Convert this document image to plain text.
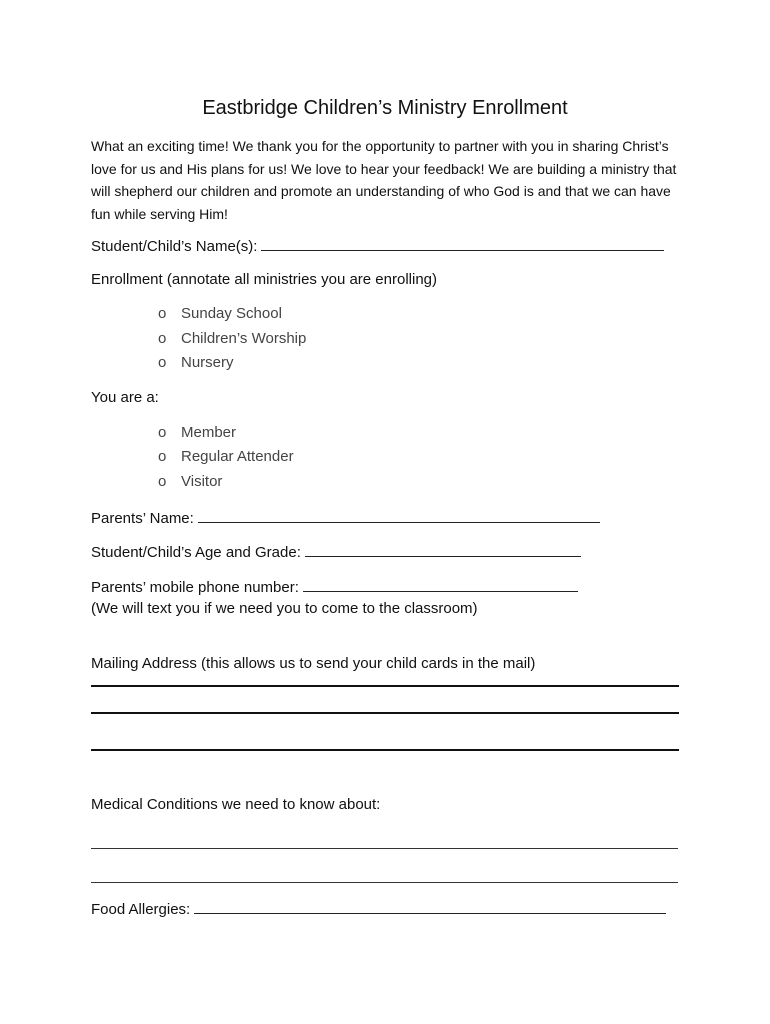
Eastbridge Children’s Ministry Enrollment
What an exciting time! We thank you for the opportunity to partner with you in sharing Christ’s love for us and His plans for us! We love to hear your feedback! We are building a ministry that will shepherd our children and promote an understanding of who God is and that we can have fun while serving Him!
Student/Child’s Name(s):
Enrollment (annotate all ministries you are enrolling)
o Sunday School
o Children’s Worship
o Nursery
You are a:
o Member
o Regular Attender
o Visitor
Parents’ Name:
Student/Child’s Age and Grade:
Parents’ mobile phone number:
(We will text you if we need you to come to the classroom)
Mailing Address (this allows us to send your child cards in the mail)
Medical Conditions we need to know about:
Food Allergies:
